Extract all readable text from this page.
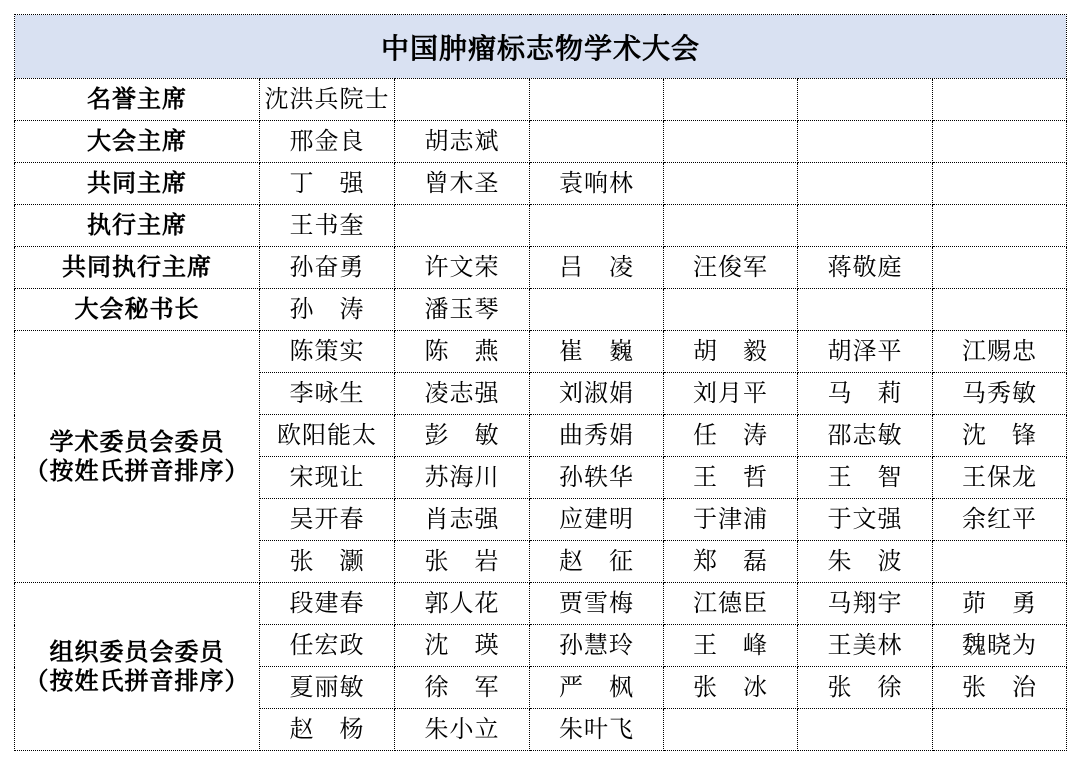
中国肿瘤标志物学术大会						
名誉主席	沈洪兵院士					
大会主席	邢金良	胡志斌				
共同主席	丁　强	曾木圣	袁响林			
执行主席	王书奎					
共同执行主席	孙奋勇	许文荣	吕　凌	汪俊军	蒋敬庭	
大会秘书长	孙　涛	潘玉琴				

学术委员会委员
（按姓氏拼音排序）	陈策实	陈　燕	崔　巍	胡　毅	胡泽平	江赐忠
	李咏生	凌志强	刘淑娟	刘月平	马　莉	马秀敏
	欧阳能太	彭　敏	曲秀娟	任　涛	邵志敏	沈　锋
	宋现让	苏海川	孙轶华	王　哲	王　智	王保龙
	吴开春	肖志强	应建明	于津浦	于文强	余红平
	张　灏	张　岩	赵　征	郑　磊	朱　波	

组织委员会委员
（按姓氏拼音排序）	段建春	郭人花	贾雪梅	江德臣	马翔宇	茆　勇
	任宏政	沈　瑛	孙慧玲	王　峰	王美林	魏晓为
	夏丽敏	徐　军	严　枫	张　冰	张　徐	张　治
	赵　杨	朱小立	朱叶飞			
